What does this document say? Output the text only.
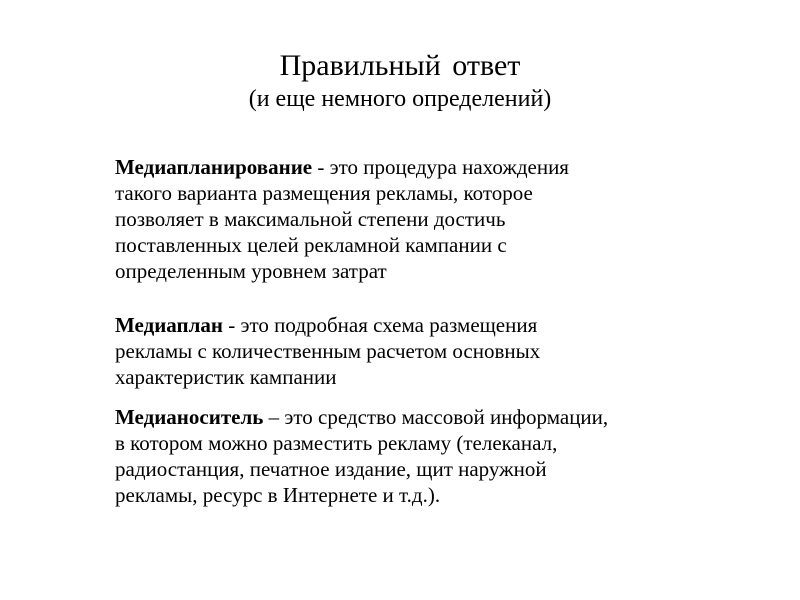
Правильный ответ
(и еще немного определений)
Медиапланирование - это процедура нахождения
такого варианта размещения рекламы, которое
позволяет в максимальной степени достичь
поставленных целей рекламной кампании с
определенным уровнем затрат
Медиаплан - это подробная схема размещения
рекламы с количественным расчетом основных
характеристик кампании
Медианоситель – это средство массовой информации,
в котором можно разместить рекламу (телеканал,
радиостанция, печатное издание, щит наружной
рекламы, ресурс в Интернете и т.д.).
